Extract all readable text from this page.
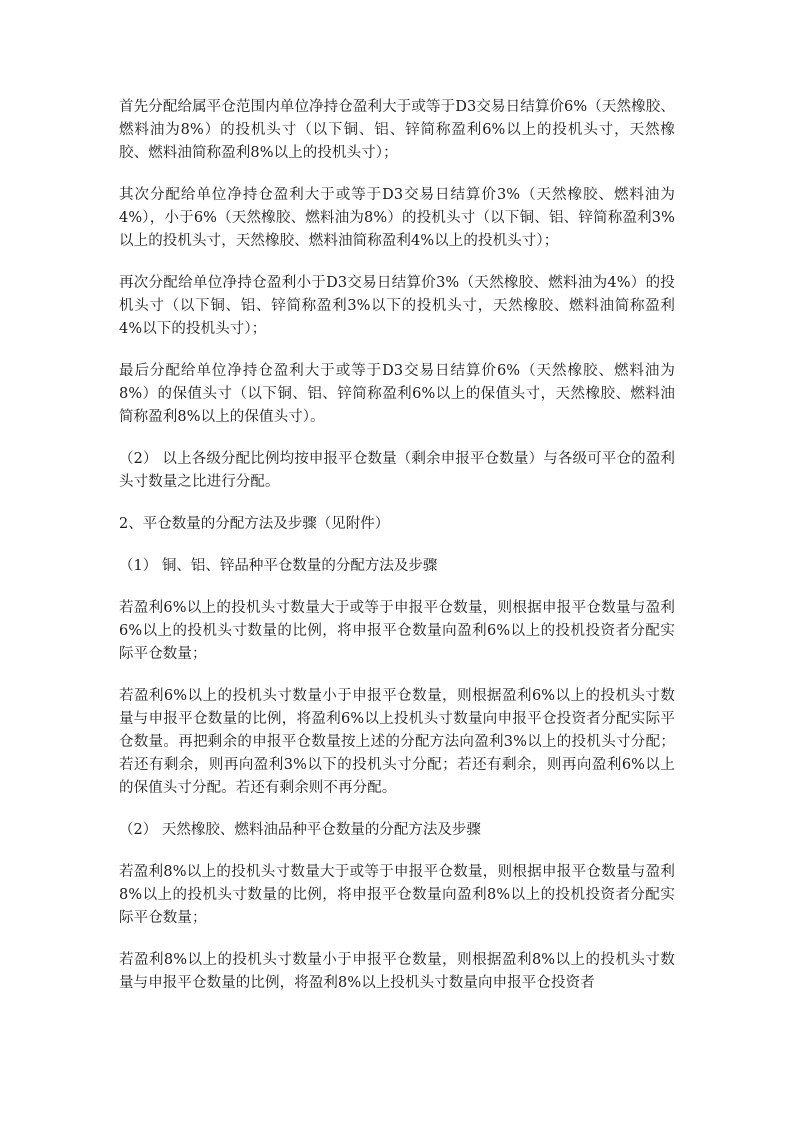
首先分配给属平仓范围内单位净持仓盈利大于或等于D3交易日结算价6%（天然橡胶、燃料油为8%）的投机头寸（以下铜、铝、锌简称盈利6%以上的投机头寸，天然橡胶、燃料油简称盈利8%以上的投机头寸）；

其次分配给单位净持仓盈利大于或等于D3交易日结算价3%（天然橡胶、燃料油为4%），小于6%（天然橡胶、燃料油为8%）的投机头寸（以下铜、铝、锌简称盈利3%以上的投机头寸，天然橡胶、燃料油简称盈利4%以上的投机头寸）；

再次分配给单位净持仓盈利小于D3交易日结算价3%（天然橡胶、燃料油为4%）的投机头寸（以下铜、铝、锌简称盈利3%以下的投机头寸，天然橡胶、燃料油简称盈利4%以下的投机头寸）；

最后分配给单位净持仓盈利大于或等于D3交易日结算价6%（天然橡胶、燃料油为8%）的保值头寸（以下铜、铝、锌简称盈利6%以上的保值头寸，天然橡胶、燃料油简称盈利8%以上的保值头寸）。

（2） 以上各级分配比例均按申报平仓数量（剩余申报平仓数量）与各级可平仓的盈利头寸数量之比进行分配。

2、平仓数量的分配方法及步骤（见附件）

（1） 铜、铝、锌品种平仓数量的分配方法及步骤

若盈利6%以上的投机头寸数量大于或等于申报平仓数量，则根据申报平仓数量与盈利6%以上的投机头寸数量的比例，将申报平仓数量向盈利6%以上的投机投资者分配实际平仓数量；

若盈利6%以上的投机头寸数量小于申报平仓数量，则根据盈利6%以上的投机头寸数量与申报平仓数量的比例，将盈利6%以上投机头寸数量向申报平仓投资者分配实际平仓数量。再把剩余的申报平仓数量按上述的分配方法向盈利3%以上的投机头寸分配；若还有剩余，则再向盈利3%以下的投机头寸分配；若还有剩余，则再向盈利6%以上的保值头寸分配。若还有剩余则不再分配。

（2） 天然橡胶、燃料油品种平仓数量的分配方法及步骤

若盈利8%以上的投机头寸数量大于或等于申报平仓数量，则根据申报平仓数量与盈利8%以上的投机头寸数量的比例，将申报平仓数量向盈利8%以上的投机投资者分配实际平仓数量；

若盈利8%以上的投机头寸数量小于申报平仓数量，则根据盈利8%以上的投机头寸数量与申报平仓数量的比例，将盈利8%以上投机头寸数量向申报平仓投资者
